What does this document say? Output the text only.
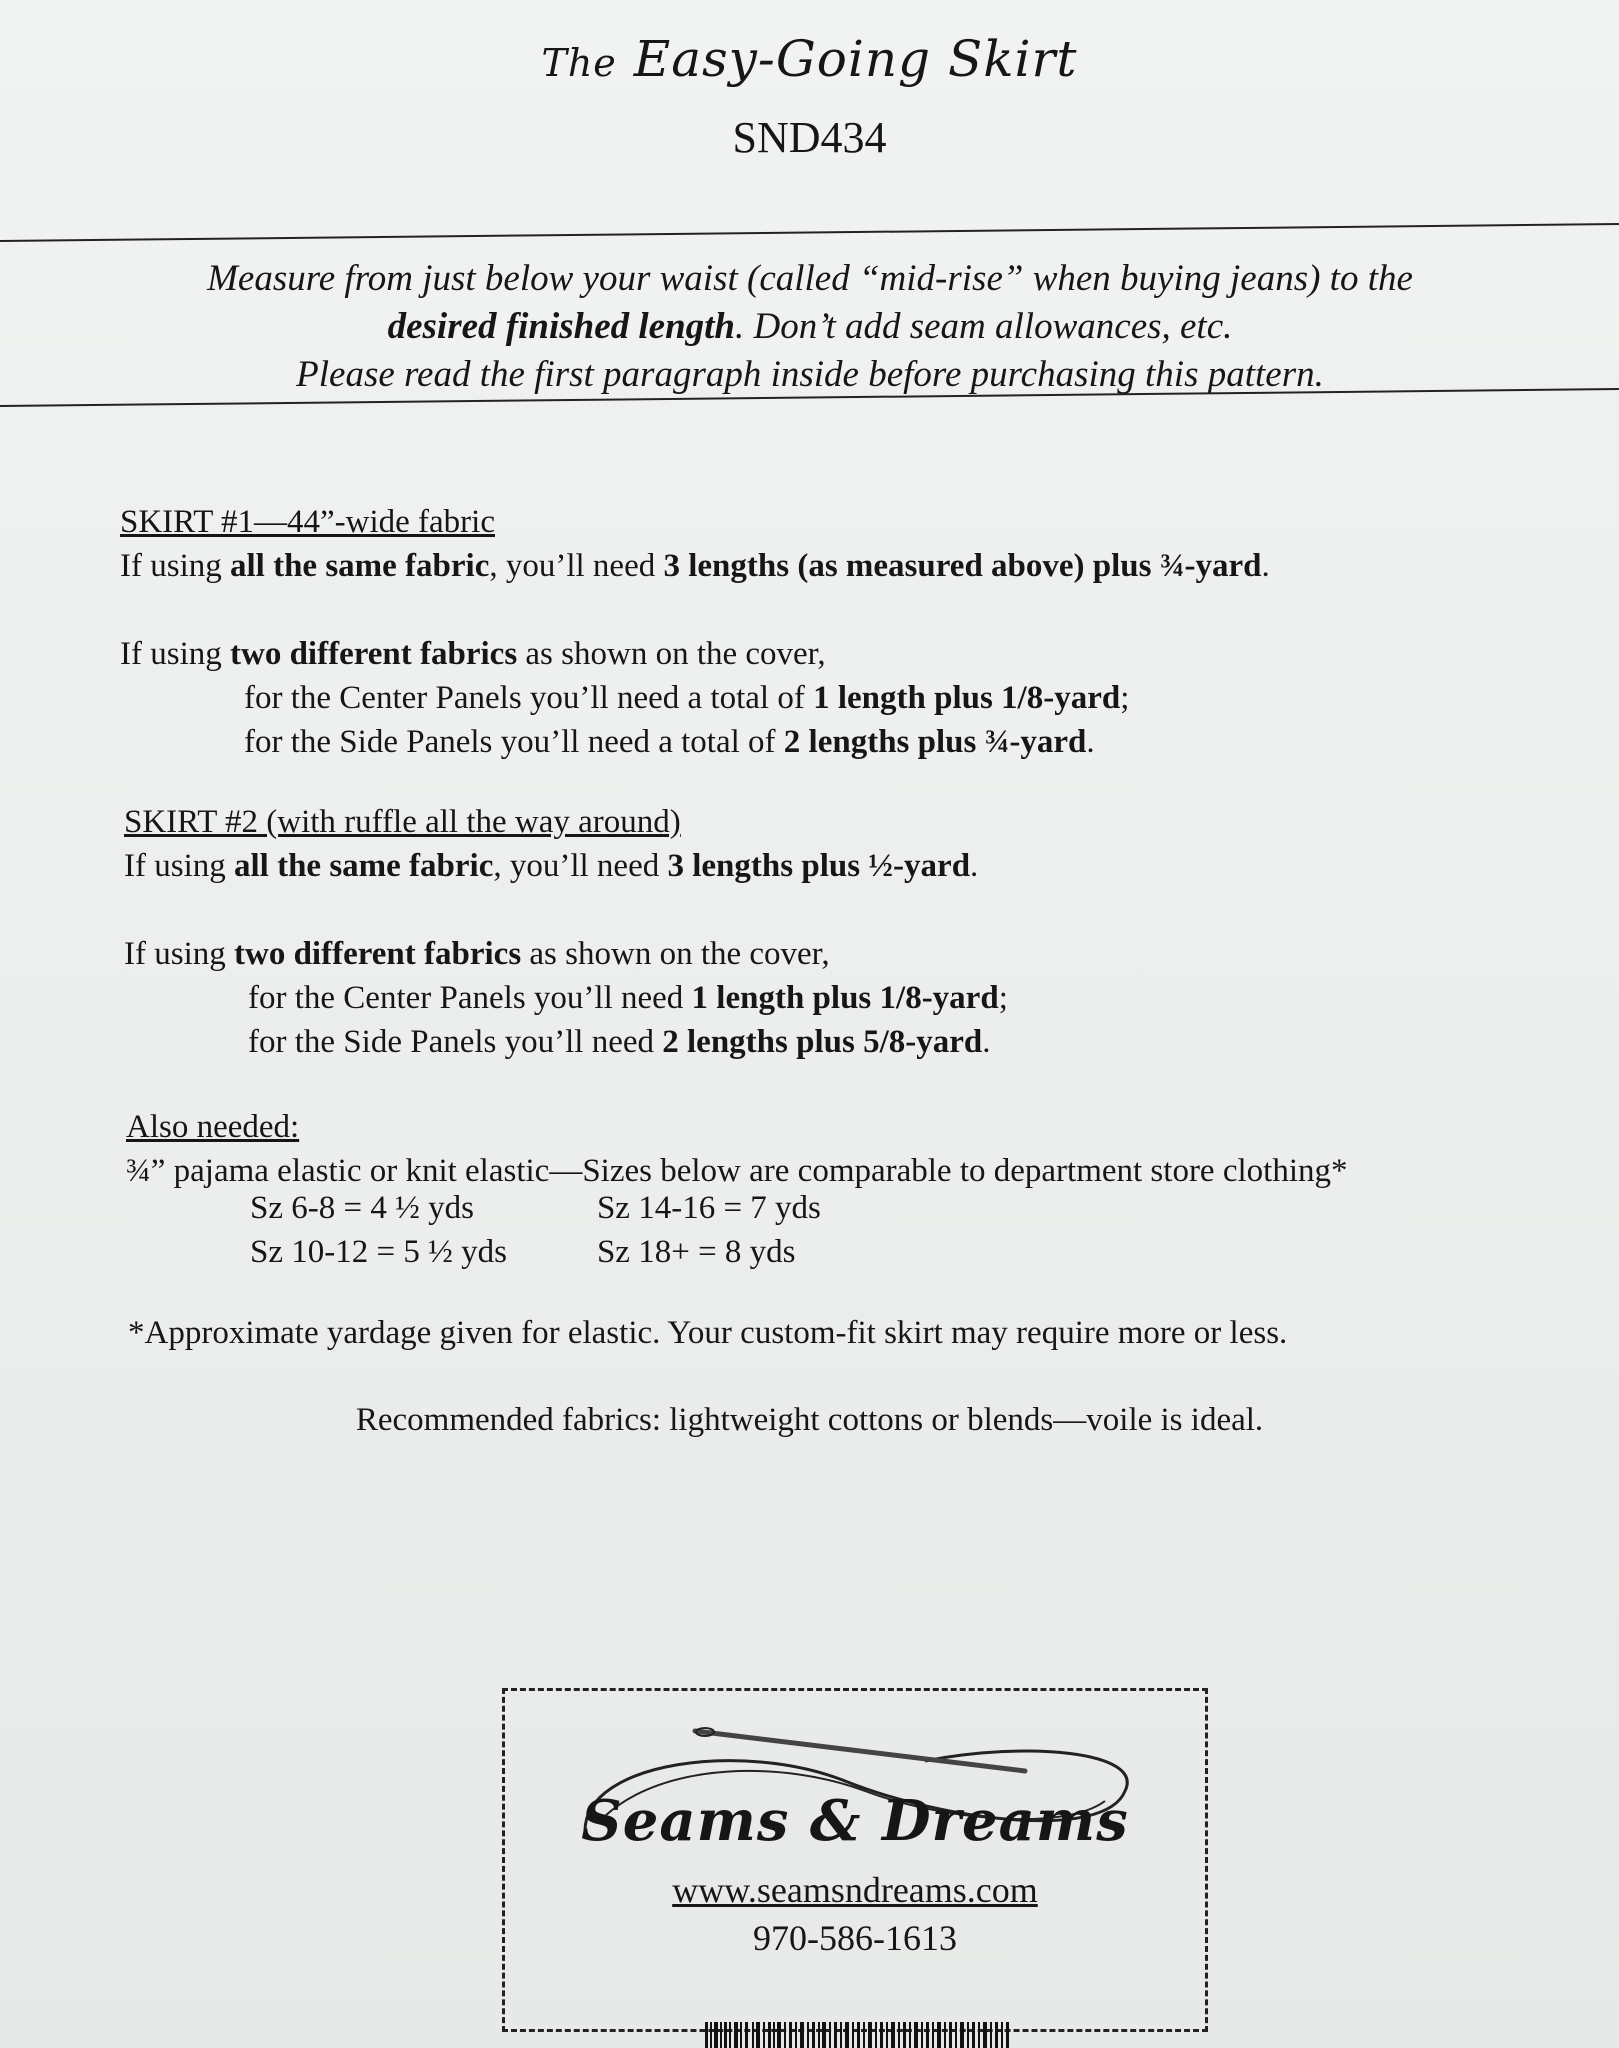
The Easy-Going Skirt
SND434
Measure from just below your waist (called “mid-rise” when buying jeans) to the
desired finished length. Don’t add seam allowances, etc.
Please read the first paragraph inside before purchasing this pattern.
SKIRT #1—44”-wide fabric
If using all the same fabric, you’ll need 3 lengths (as measured above) plus ¾-yard.
If using two different fabrics as shown on the cover,
for the Center Panels you’ll need a total of 1 length plus 1/8-yard;
for the Side Panels you’ll need a total of 2 lengths plus ¾-yard.
SKIRT #2 (with ruffle all the way around)
If using all the same fabric, you’ll need 3 lengths plus ½-yard.
If using two different fabrics as shown on the cover,
for the Center Panels you’ll need 1 length plus 1/8-yard;
for the Side Panels you’ll need 2 lengths plus 5/8-yard.
Also needed:
¾” pajama elastic or knit elastic—Sizes below are comparable to department store clothing*
Sz 6-8 = 4 ½ yds	Sz 14-16 = 7 yds
Sz 10-12 = 5 ½ yds	Sz 18+ = 8 yds
*Approximate yardage given for elastic. Your custom-fit skirt may require more or less.
Recommended fabrics: lightweight cottons or blends—voile is ideal.
Seams & Dreams
www.seamsndreams.com
970-586-1613
